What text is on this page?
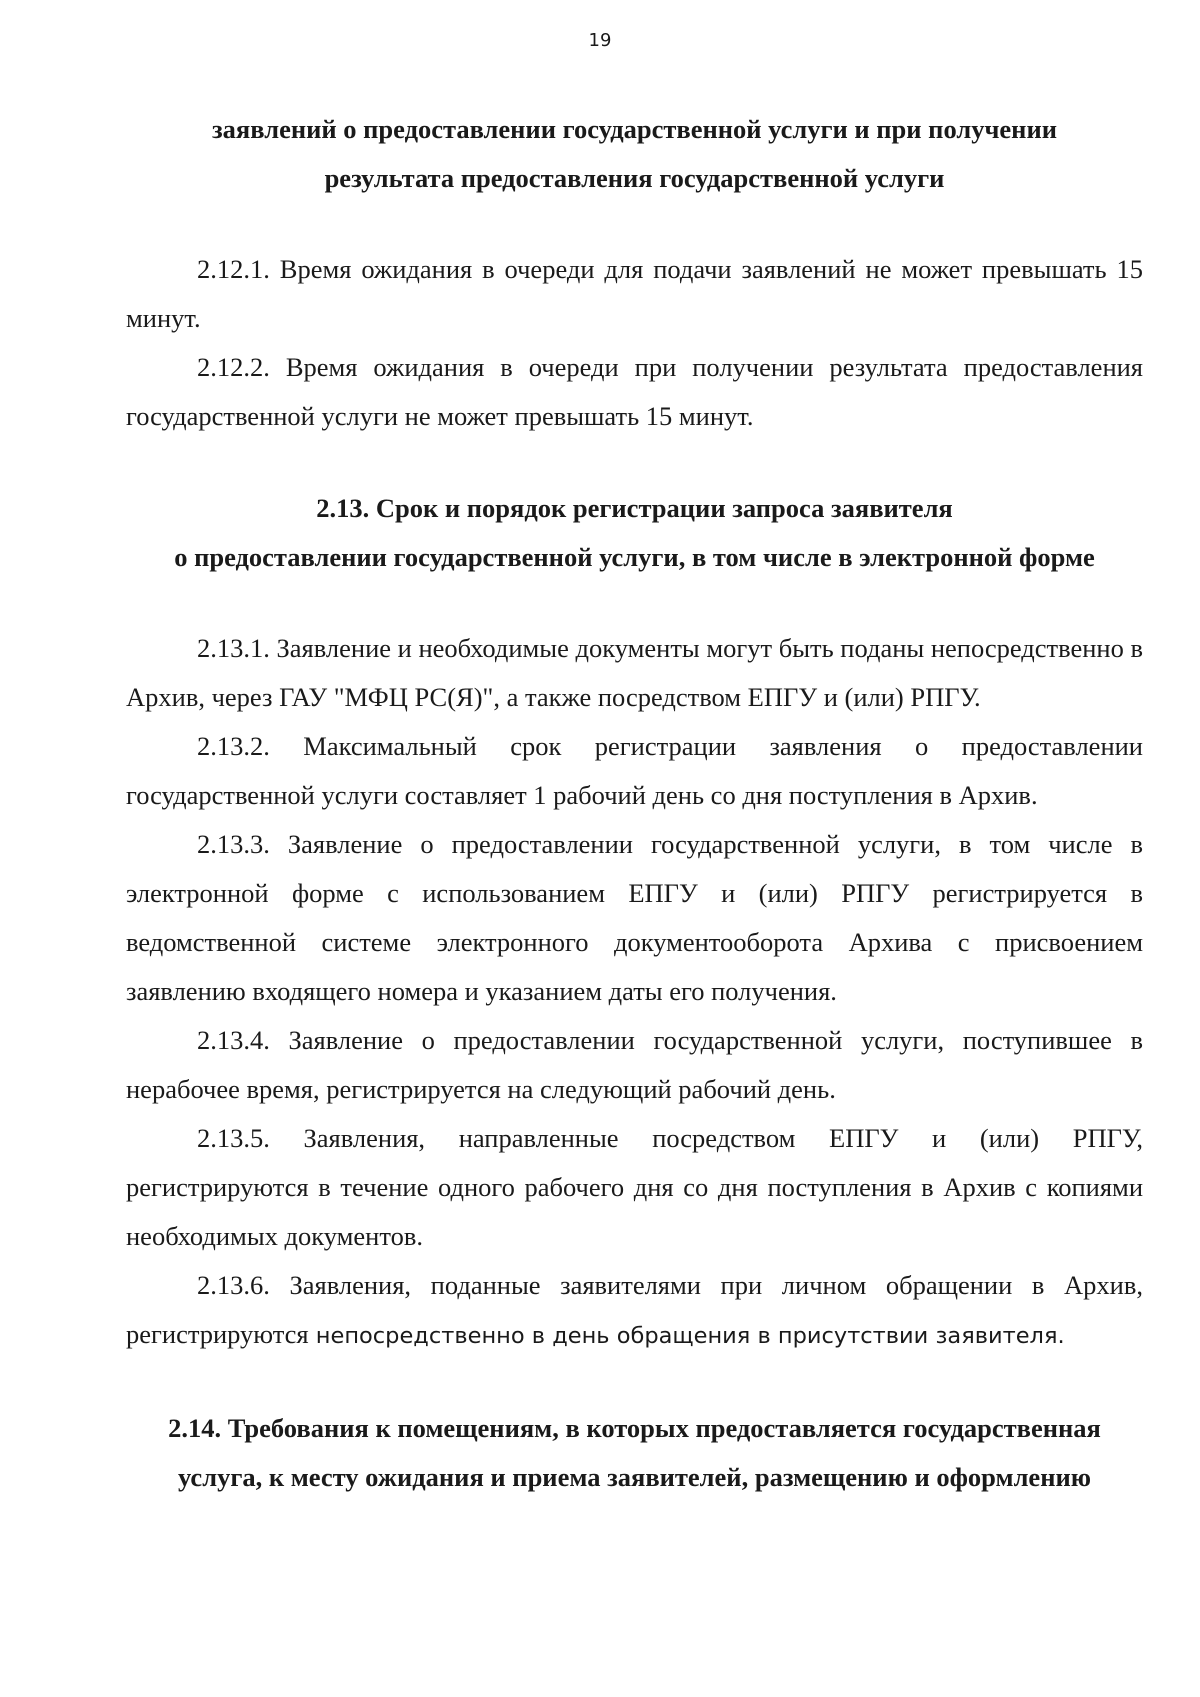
19
заявлений о предоставлении государственной услуги и при получении
результата предоставления государственной услуги

2.12.1. Время ожидания в очереди для подачи заявлений не может превышать 15 минут.

2.12.2. Время ожидания в очереди при получении результата предоставления государственной услуги не может превышать 15 минут.

2.13. Срок и порядок регистрации запроса заявителя
о предоставлении государственной услуги, в том числе в электронной форме

2.13.1. Заявление и необходимые документы могут быть поданы непосредственно в Архив, через ГАУ "МФЦ РС(Я)", а также посредством ЕПГУ и (или) РПГУ.

2.13.2. Максимальный срок регистрации заявления о предоставлении государственной услуги составляет 1 рабочий день со дня поступления в Архив.

2.13.3. Заявление о предоставлении государственной услуги, в том числе в электронной форме с использованием ЕПГУ и (или) РПГУ регистрируется в ведомственной системе электронного документооборота Архива с присвоением заявлению входящего номера и указанием даты его получения.

2.13.4. Заявление о предоставлении государственной услуги, поступившее в нерабочее время, регистрируется на следующий рабочий день.

2.13.5. Заявления, направленные посредством ЕПГУ и (или) РПГУ, регистрируются в течение одного рабочего дня со дня поступления в Архив с копиями необходимых документов.

2.13.6. Заявления, поданные заявителями при личном обращении в Архив, регистрируются непосредственно в день обращения в присутствии заявителя.

2.14. Требования к помещениям, в которых предоставляется государственная
услуга, к месту ожидания и приема заявителей, размещению и оформлению
